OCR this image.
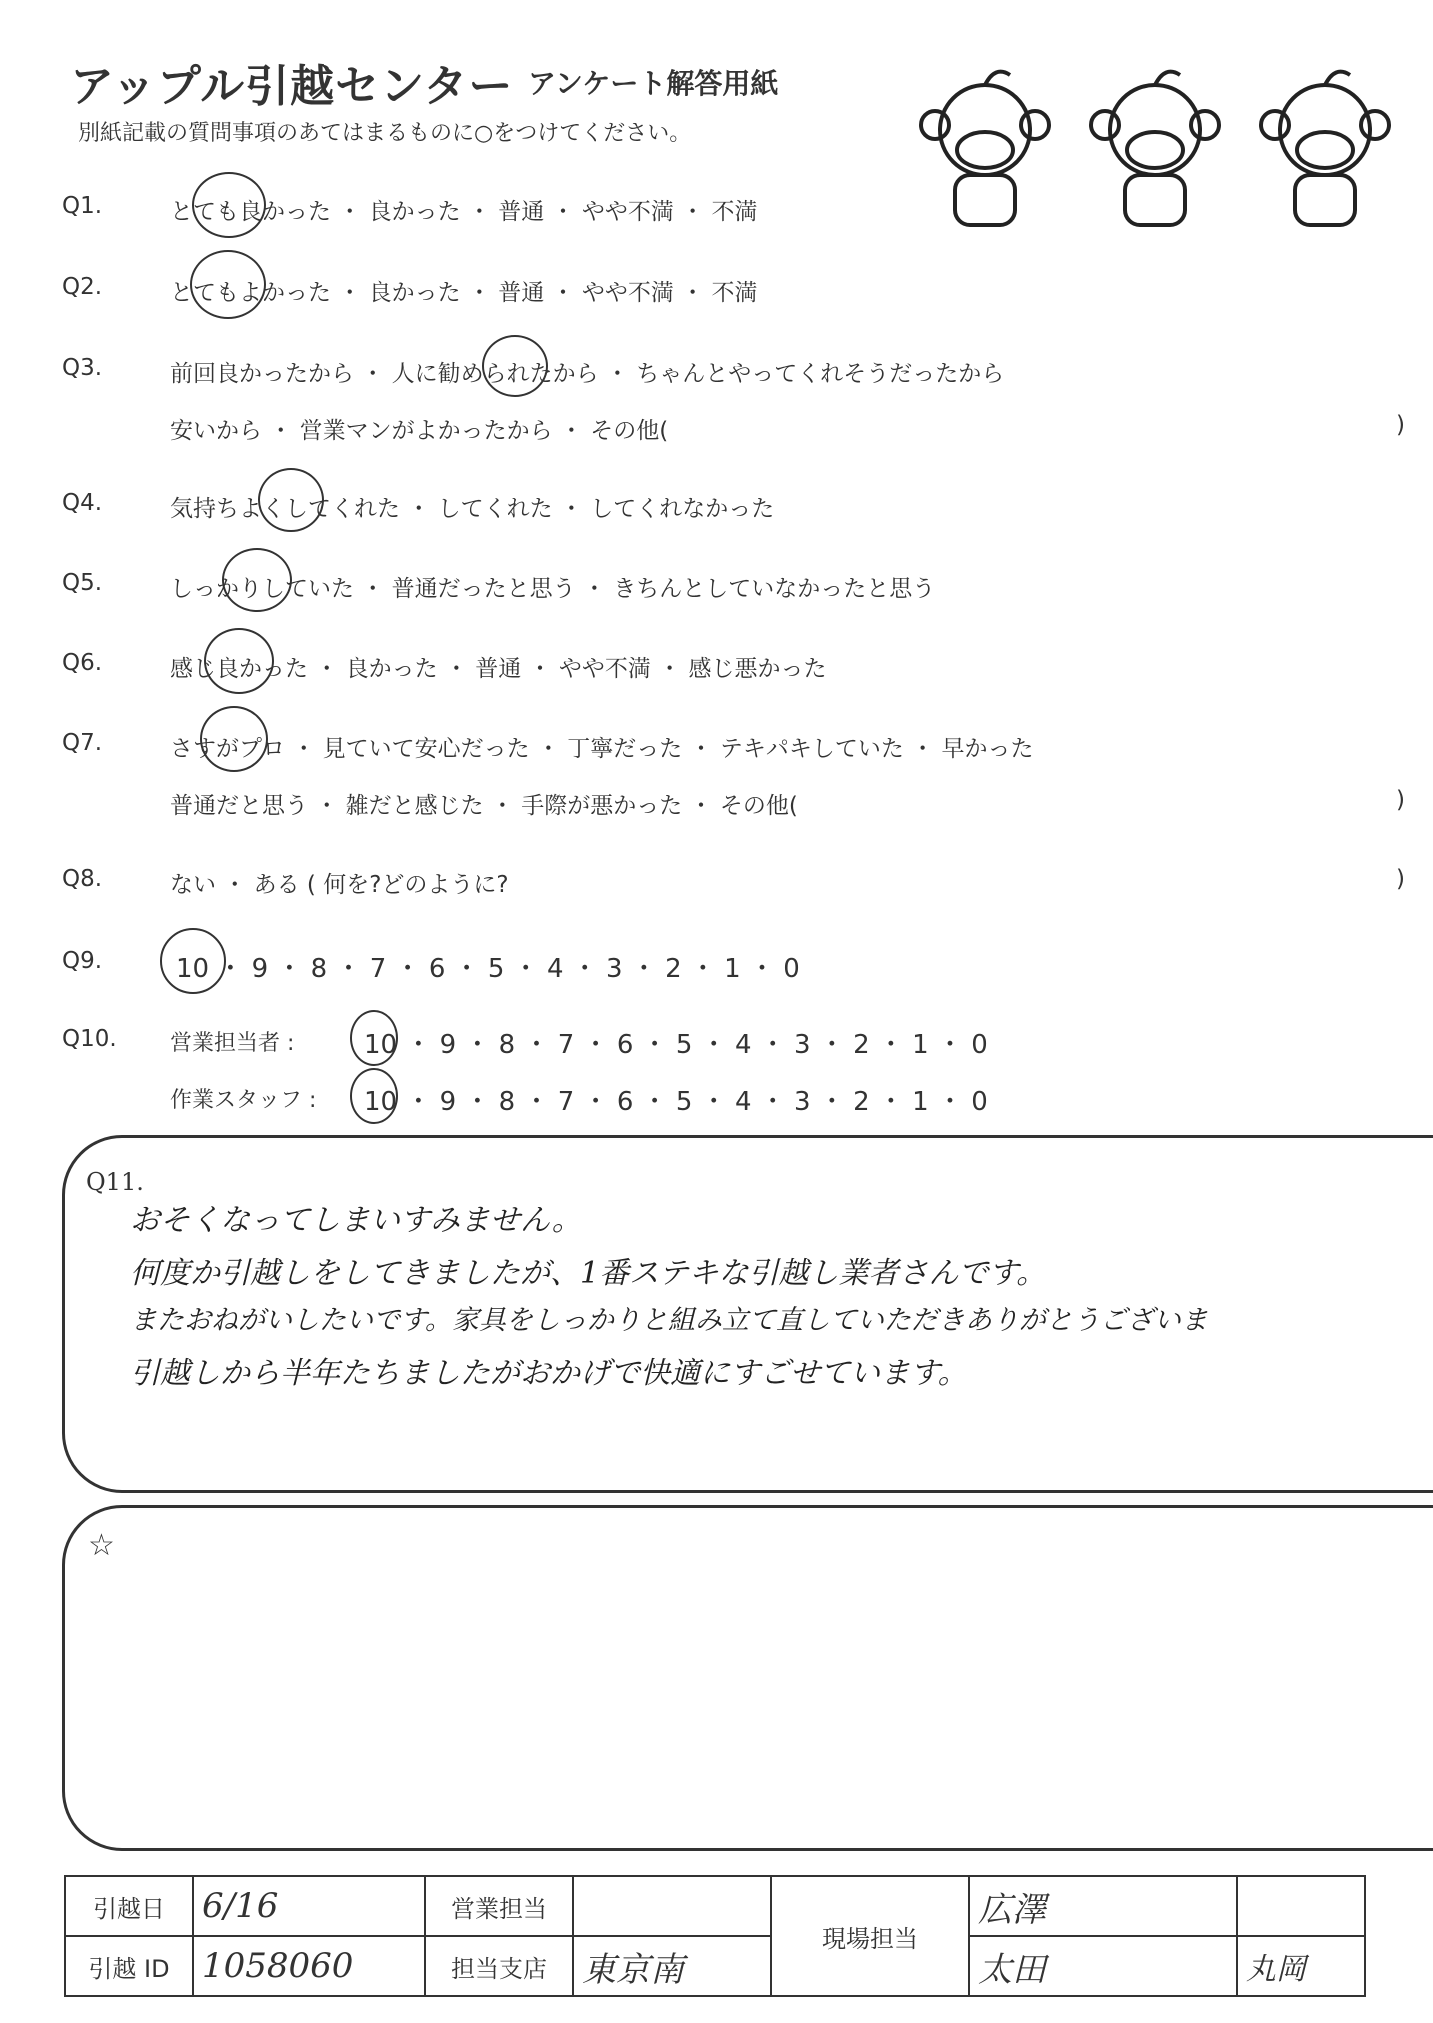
アップル引越センター アンケート解答用紙
別紙記載の質問事項のあてはまるものに○をつけてください。
Q1.	とても良かった ・ 良かった ・ 普通 ・ やや不満 ・ 不満
Q2.	とてもよかった ・ 良かった ・ 普通 ・ やや不満 ・ 不満
Q3.	前回良かったから ・ 人に勧められたから ・ ちゃんとやってくれそうだったから
安いから ・ 営業マンがよかったから ・ その他(	)
Q4.	気持ちよくしてくれた ・ してくれた ・ してくれなかった
Q5.	しっかりしていた ・ 普通だったと思う ・ きちんとしていなかったと思う
Q6.	感じ良かった ・ 良かった ・ 普通 ・ やや不満 ・ 感じ悪かった
Q7.	さすがプロ ・ 見ていて安心だった ・ 丁寧だった ・ テキパキしていた ・ 早かった
普通だと思う ・ 雑だと感じた ・ 手際が悪かった ・ その他(	)
Q8.	ない ・ ある ( 何を?どのように?	)
Q9.	10 ・ 9 ・ 8 ・ 7 ・ 6 ・ 5 ・ 4 ・ 3 ・ 2 ・ 1 ・ 0
Q10. 営業担当者 :	10 ・ 9 ・ 8 ・ 7 ・ 6 ・ 5 ・ 4 ・ 3 ・ 2 ・ 1 ・ 0
作業スタッフ : 10 ・ 9 ・ 8 ・ 7 ・ 6 ・ 5 ・ 4 ・ 3 ・ 2 ・ 1 ・ 0
Q11.
おそくなってしまいすみません。
何度か引越しをしてきましたが、1番ステキな引越し業者さんです。
またおねがいしたいです。家具をしっかりと組み立て直していただきありがとうございま
引越しから半年たちましたがおかげで快適にすごせています。
☆
引越日	6/16	営業担当		現場担当	広澤	
引越 ID	1058060	担当支店	東京南		太田	丸岡
